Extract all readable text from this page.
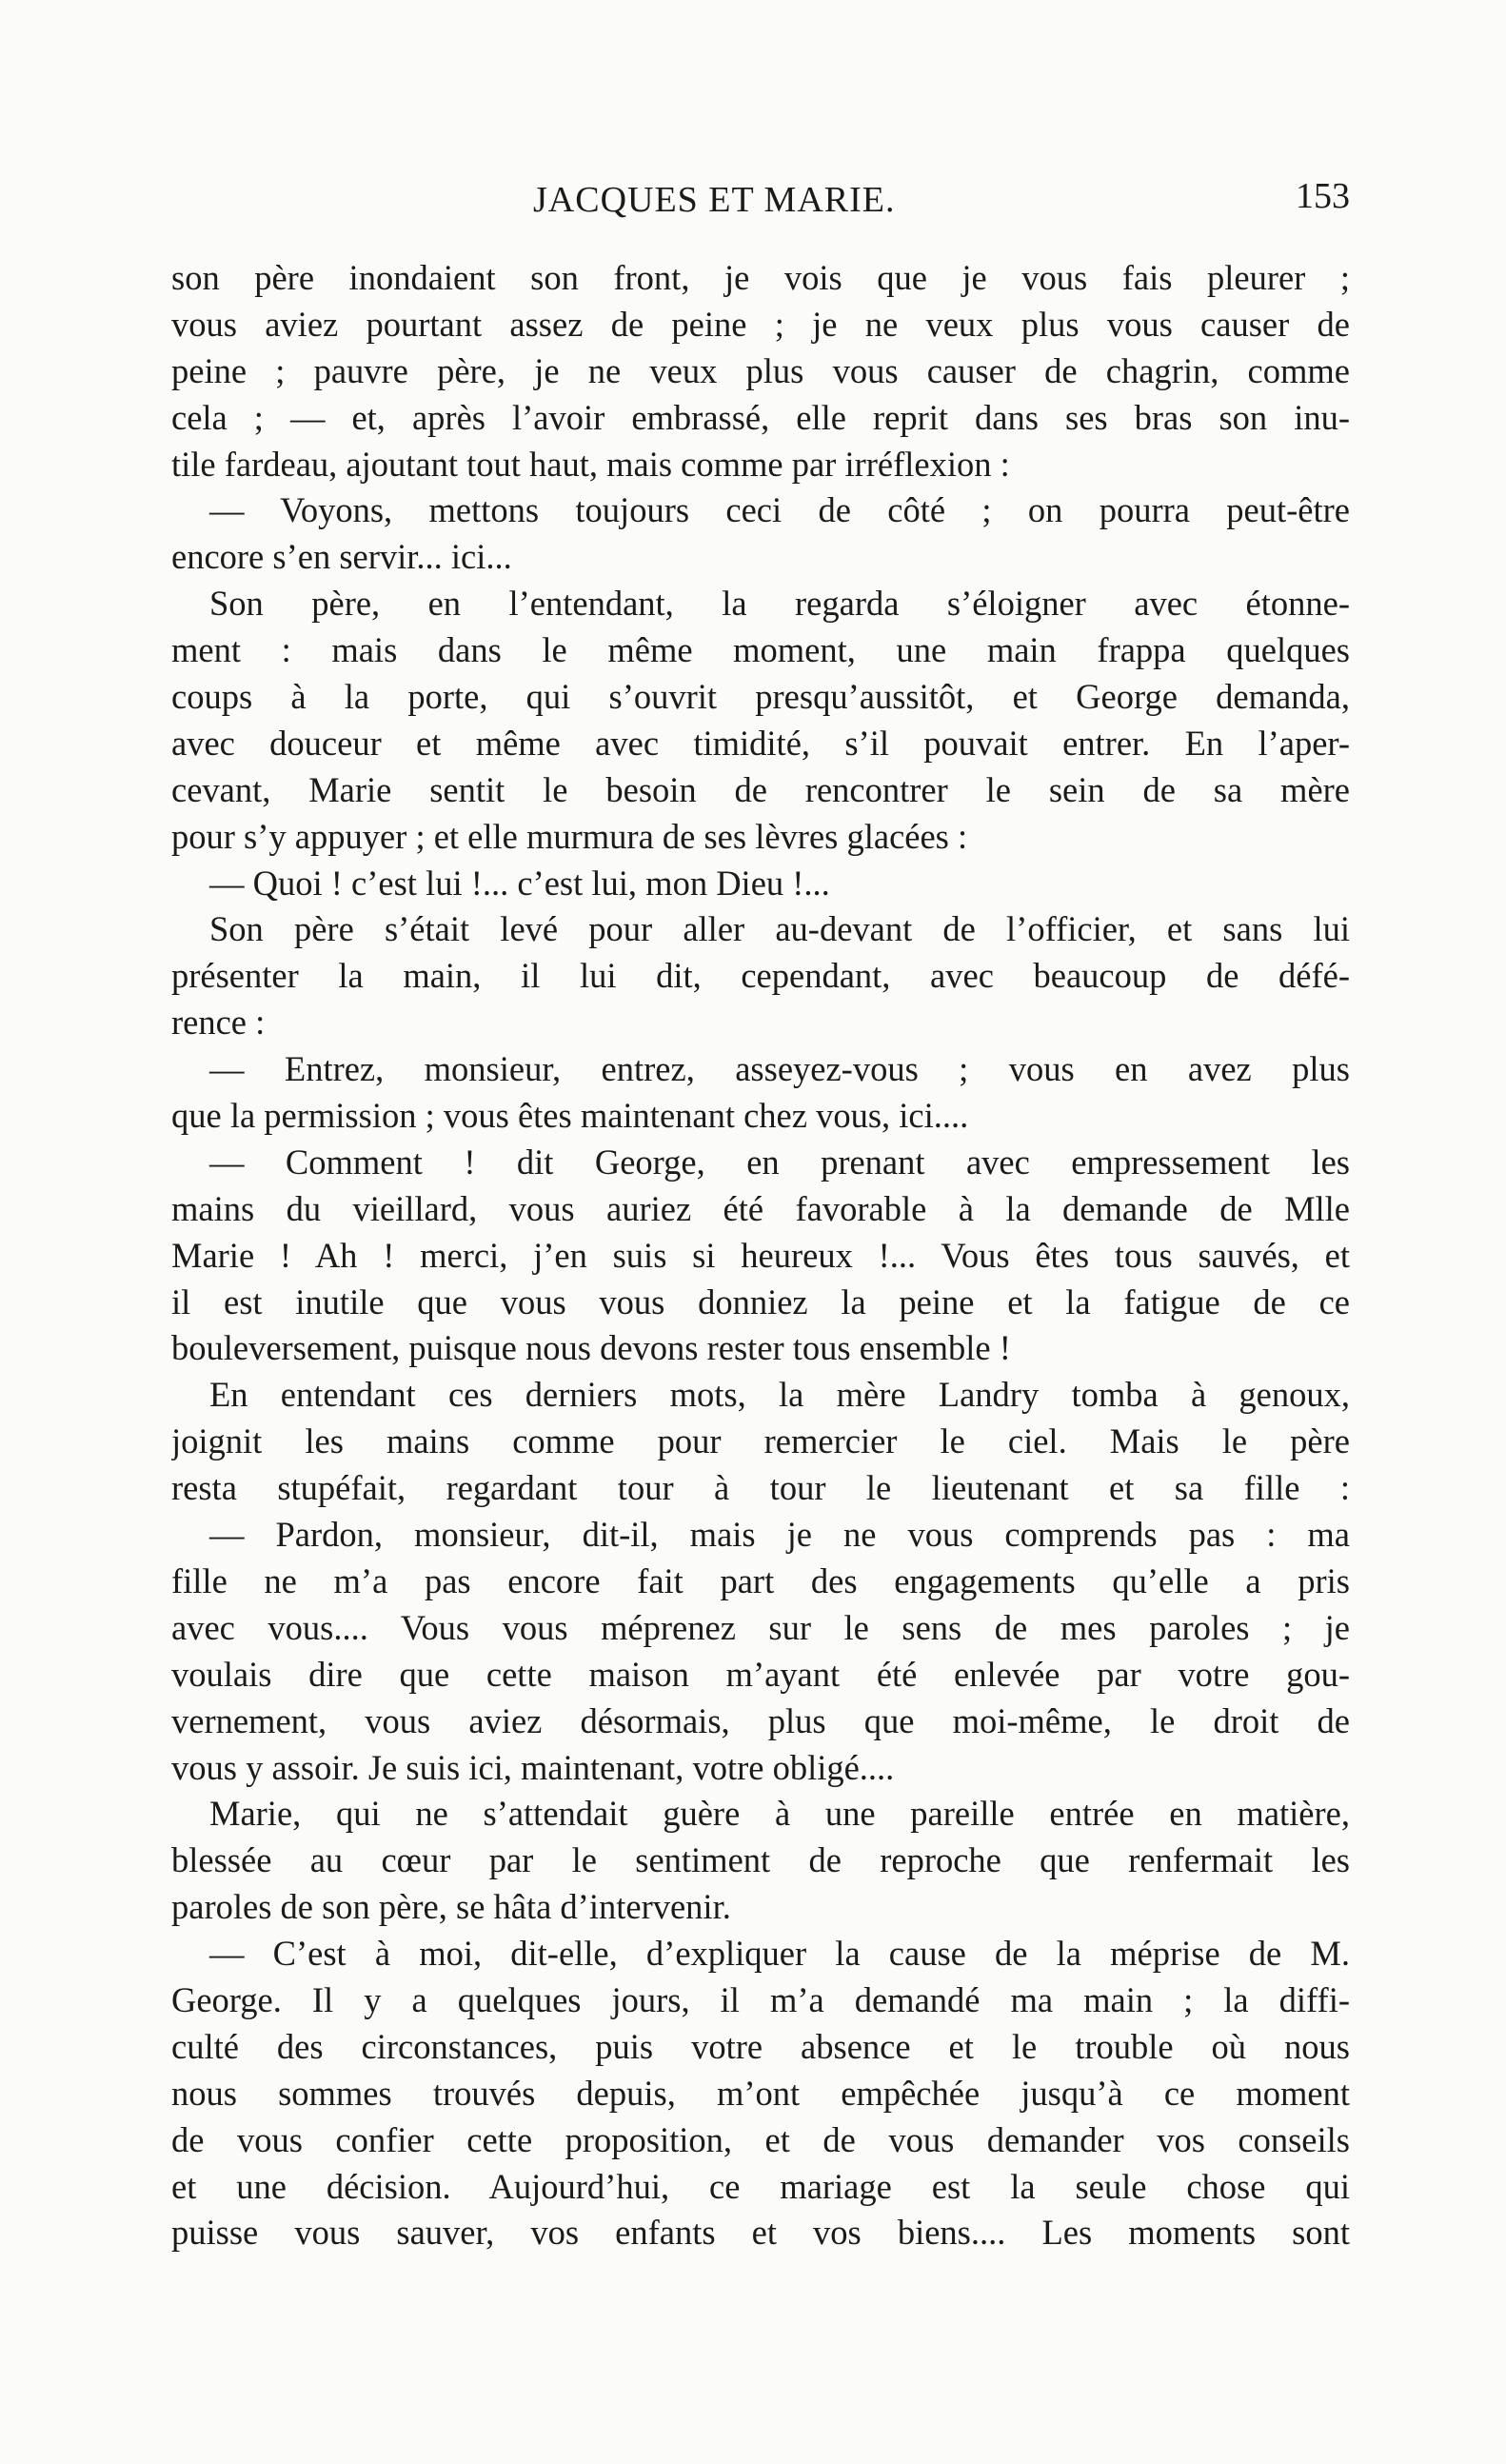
JACQUES ET MARIE.	153
son père inondaient son front, je vois que je vous fais pleurer ;
vous aviez pourtant assez de peine ; je ne veux plus vous causer de
peine ; pauvre père, je ne veux plus vous causer de chagrin, comme
cela ; — et, après l’avoir embrassé, elle reprit dans ses bras son inu-
tile fardeau, ajoutant tout haut, mais comme par irréflexion :
— Voyons, mettons toujours ceci de côté ; on pourra peut-être
encore s’en servir... ici...
Son père, en l’entendant, la regarda s’éloigner avec étonne-
ment : mais dans le même moment, une main frappa quelques
coups à la porte, qui s’ouvrit presqu’aussitôt, et George demanda,
avec douceur et même avec timidité, s’il pouvait entrer. En l’aper-
cevant, Marie sentit le besoin de rencontrer le sein de sa mère
pour s’y appuyer ; et elle murmura de ses lèvres glacées :
— Quoi ! c’est lui !... c’est lui, mon Dieu !...
Son père s’était levé pour aller au-devant de l’officier, et sans lui
présenter la main, il lui dit, cependant, avec beaucoup de défé-
rence :
— Entrez, monsieur, entrez, asseyez-vous ; vous en avez plus
que la permission ; vous êtes maintenant chez vous, ici....
— Comment ! dit George, en prenant avec empressement les
mains du vieillard, vous auriez été favorable à la demande de Mlle
Marie ! Ah ! merci, j’en suis si heureux !... Vous êtes tous sauvés, et
il est inutile que vous vous donniez la peine et la fatigue de ce
bouleversement, puisque nous devons rester tous ensemble !
En entendant ces derniers mots, la mère Landry tomba à genoux,
joignit les mains comme pour remercier le ciel. Mais le père
resta stupéfait, regardant tour à tour le lieutenant et sa fille :
— Pardon, monsieur, dit-il, mais je ne vous comprends pas : ma
fille ne m’a pas encore fait part des engagements qu’elle a pris
avec vous.... Vous vous méprenez sur le sens de mes paroles ; je
voulais dire que cette maison m’ayant été enlevée par votre gou-
vernement, vous aviez désormais, plus que moi-même, le droit de
vous y assoir. Je suis ici, maintenant, votre obligé....
Marie, qui ne s’attendait guère à une pareille entrée en matière,
blessée au cœur par le sentiment de reproche que renfermait les
paroles de son père, se hâta d’intervenir.
— C’est à moi, dit-elle, d’expliquer la cause de la méprise de M.
George. Il y a quelques jours, il m’a demandé ma main ; la diffi-
culté des circonstances, puis votre absence et le trouble où nous
nous sommes trouvés depuis, m’ont empêchée jusqu’à ce moment
de vous confier cette proposition, et de vous demander vos conseils
et une décision. Aujourd’hui, ce mariage est la seule chose qui
puisse vous sauver, vos enfants et vos biens.... Les moments sont
